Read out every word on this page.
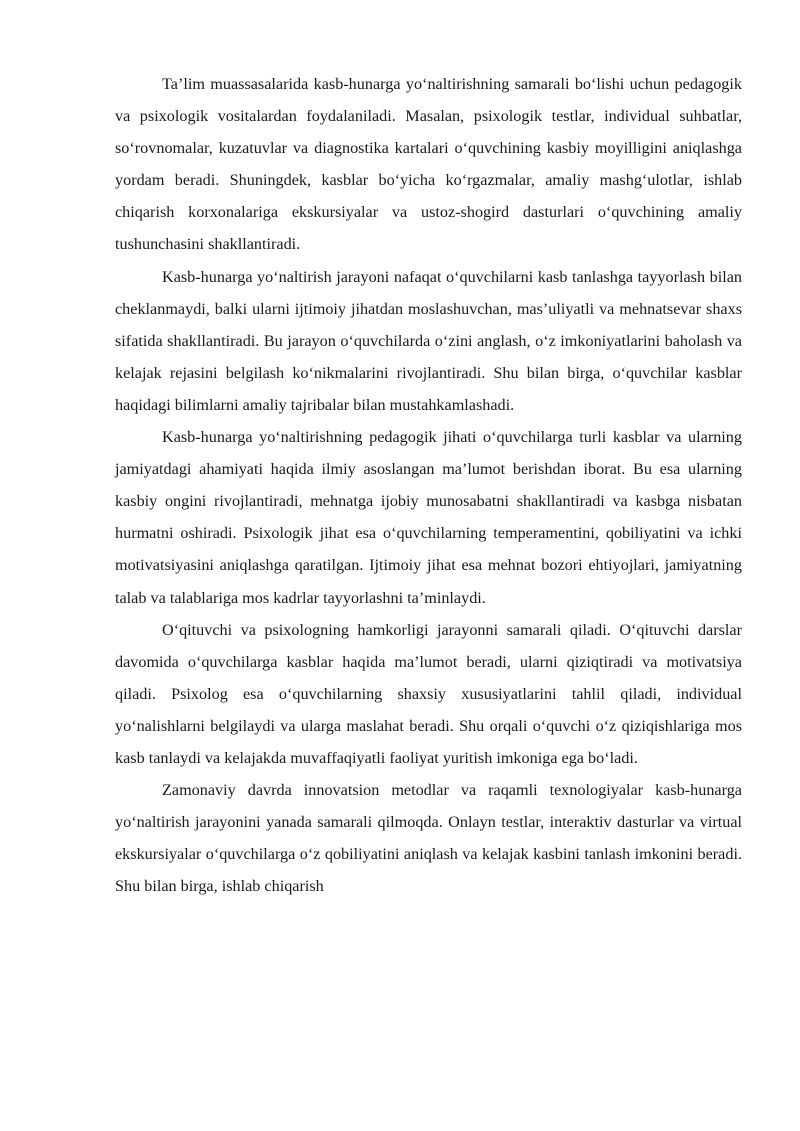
Ta’lim muassasalarida kasb-hunarga yo‘naltirishning samarali bo‘lishi uchun pedagogik va psixologik vositalardan foydalaniladi. Masalan, psixologik testlar, individual suhbatlar, so‘rovnomalar, kuzatuvlar va diagnostika kartalari o‘quvchining kasbiy moyilligini aniqlashga yordam beradi. Shuningdek, kasblar bo‘yicha ko‘rgazmalar, amaliy mashg‘ulotlar, ishlab chiqarish korxonalariga ekskursiyalar va ustoz-shogird dasturlari o‘quvchining amaliy tushunchasini shakllantiradi.

Kasb-hunarga yo‘naltirish jarayoni nafaqat o‘quvchilarni kasb tanlashga tayyorlash bilan cheklanmaydi, balki ularni ijtimoiy jihatdan moslashuvchan, mas’uliyatli va mehnatsevar shaxs sifatida shakllantiradi. Bu jarayon o‘quvchilarda o‘zini anglash, o‘z imkoniyatlarini baholash va kelajak rejasini belgilash ko‘nikmalarini rivojlantiradi. Shu bilan birga, o‘quvchilar kasblar haqidagi bilimlarni amaliy tajribalar bilan mustahkamlashadi.

Kasb-hunarga yo‘naltirishning pedagogik jihati o‘quvchilarga turli kasblar va ularning jamiyatdagi ahamiyati haqida ilmiy asoslangan ma’lumot berishdan iborat. Bu esa ularning kasbiy ongini rivojlantiradi, mehnatga ijobiy munosabatni shakllantiradi va kasbga nisbatan hurmatni oshiradi. Psixologik jihat esa o‘quvchilarning temperamentini, qobiliyatini va ichki motivatsiyasini aniqlashga qaratilgan. Ijtimoiy jihat esa mehnat bozori ehtiyojlari, jamiyatning talab va talablariga mos kadrlar tayyorlashni ta’minlaydi.

O‘qituvchi va psixologning hamkorligi jarayonni samarali qiladi. O‘qituvchi darslar davomida o‘quvchilarga kasblar haqida ma’lumot beradi, ularni qiziqtiradi va motivatsiya qiladi. Psixolog esa o‘quvchilarning shaxsiy xususiyatlarini tahlil qiladi, individual yo‘nalishlarni belgilaydi va ularga maslahat beradi. Shu orqali o‘quvchi o‘z qiziqishlariga mos kasb tanlaydi va kelajakda muvaffaqiyatli faoliyat yuritish imkoniga ega bo‘ladi.

Zamonaviy davrda innovatsion metodlar va raqamli texnologiyalar kasb-hunarga yo‘naltirish jarayonini yanada samarali qilmoqda. Onlayn testlar, interaktiv dasturlar va virtual ekskursiyalar o‘quvchilarga o‘z qobiliyatini aniqlash va kelajak kasbini tanlash imkonini beradi. Shu bilan birga, ishlab chiqarish
